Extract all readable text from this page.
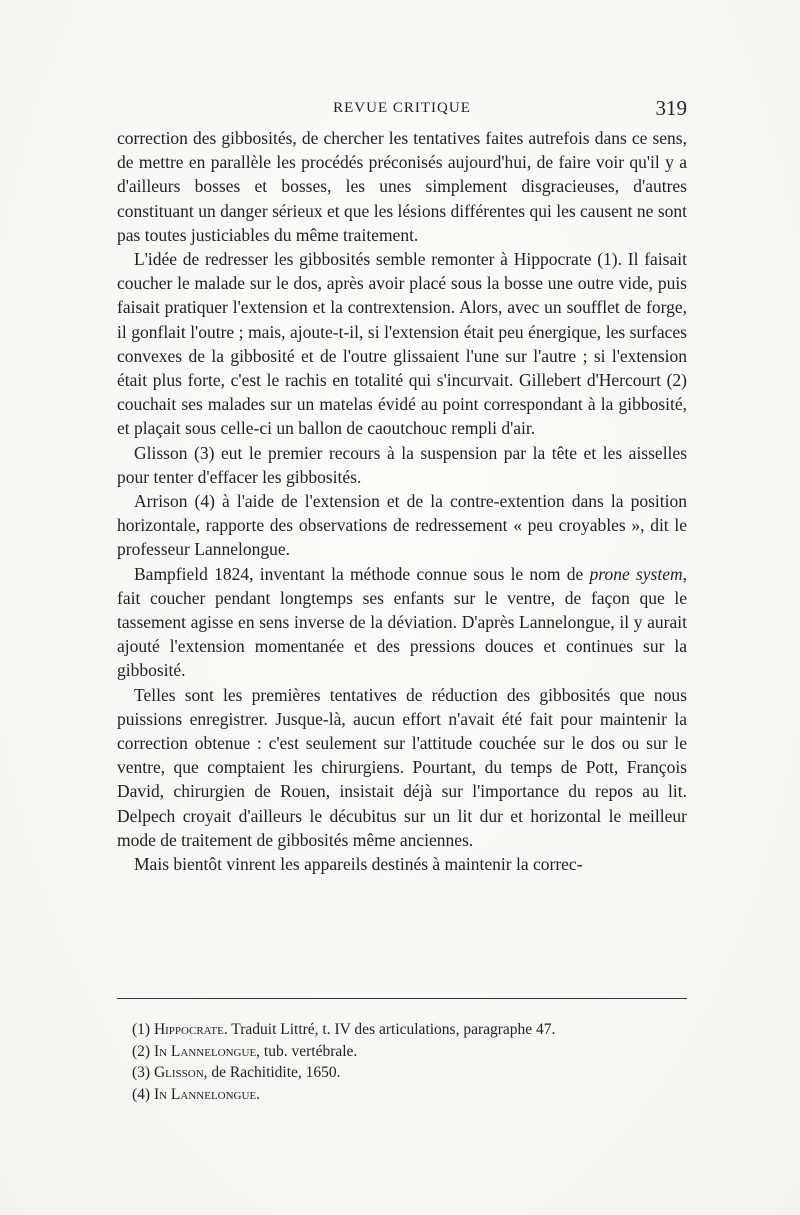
REVUE CRITIQUE	319

correction des gibbosités, de chercher les tentatives faites autrefois dans ce sens, de mettre en parallèle les procédés préconisés aujourd'hui, de faire voir qu'il y a d'ailleurs bosses et bosses, les unes simplement disgracieuses, d'autres constituant un danger sérieux et que les lésions différentes qui les causent ne sont pas toutes justiciables du même traitement.

L'idée de redresser les gibbosités semble remonter à Hippocrate (1). Il faisait coucher le malade sur le dos, après avoir placé sous la bosse une outre vide, puis faisait pratiquer l'extension et la contrextension. Alors, avec un soufflet de forge, il gonflait l'outre ; mais, ajoute-t-il, si l'extension était peu énergique, les surfaces convexes de la gibbosité et de l'outre glissaient l'une sur l'autre ; si l'extension était plus forte, c'est le rachis en totalité qui s'incurvait. Gillebert d'Hercourt (2) couchait ses malades sur un matelas évidé au point correspondant à la gibbosité, et plaçait sous celle-ci un ballon de caoutchouc rempli d'air.

Glisson (3) eut le premier recours à la suspension par la tête et les aisselles pour tenter d'effacer les gibbosités.

Arrison (4) à l'aide de l'extension et de la contre-extention dans la position horizontale, rapporte des observations de redressement « peu croyables », dit le professeur Lannelongue.

Bampfield 1824, inventant la méthode connue sous le nom de prone system, fait coucher pendant longtemps ses enfants sur le ventre, de façon que le tassement agisse en sens inverse de la déviation. D'après Lannelongue, il y aurait ajouté l'extension momentanée et des pressions douces et continues sur la gibbosité.

Telles sont les premières tentatives de réduction des gibbosités que nous puissions enregistrer. Jusque-là, aucun effort n'avait été fait pour maintenir la correction obtenue : c'est seulement sur l'attitude couchée sur le dos ou sur le ventre, que comptaient les chirurgiens. Pourtant, du temps de Pott, François David, chirurgien de Rouen, insistait déjà sur l'importance du repos au lit. Delpech croyait d'ailleurs le décubitus sur un lit dur et horizontal le meilleur mode de traitement de gibbosités même anciennes.

Mais bientôt vinrent les appareils destinés à maintenir la correc-

(1) Hippocrate. Traduit Littré, t. IV des articulations, paragraphe 47.
(2) In Lannelongue, tub. vertébrale.
(3) Glisson, de Rachitidite, 1650.
(4) In Lannelongue.
